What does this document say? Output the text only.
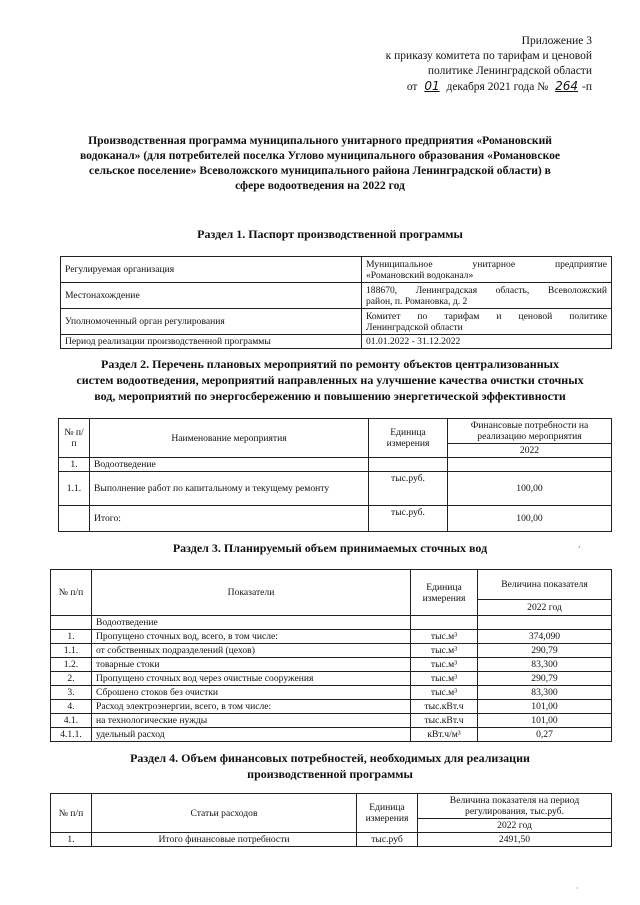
Приложение 3
к приказу комитета по тарифам и ценовой
политике Ленинградской области
от 01 декабря 2021 года № 264 -п
Производственная программа муниципального унитарного предприятия «Романовский
водоканал» (для потребителей поселка Углово муниципального образования «Романовское
сельское поселение» Всеволожского муниципального района Ленинградской области) в
сфере водоотведения на 2022 год
Раздел 1. Паспорт производственной программы
Регулируемая организация	Муниципальное унитарное предприятие
«Романовский водоканал»

Местонахождение	188670, Ленинградская область, Всеволожский
район, п. Романовка, д. 2

Уполномоченный орган регулирования	Комитет по тарифам и ценовой политике
Ленинградской области

Период реализации производственной программы	01.01.2022 - 31.12.2022
Раздел 2. Перечень плановых мероприятий по ремонту объектов централизованных
систем водоотведения, мероприятий направленных на улучшение качества очистки сточных
вод, мероприятий по энергосбережению и повышению энергетической эффективности
№ п/п	Наименование мероприятия	Единица измерения	Финансовые потребности на реализацию мероприятия
			2022
1.	Водоотведение		
1.1.	Выполнение работ по капитальному и текущему ремонту	тыс.руб.	100,00
	Итого:	тыс.руб.	100,00
Раздел 3. Планируемый объем принимаемых сточных вод	,
№ п/п	Показатели	Единица измерения	Величина показателя
			2022 год
	Водоотведение		
1.	Пропущено сточных вод, всего, в том числе:	тыс.м³	374,090
1.1.	от собственных подразделений (цехов)	тыс.м³	290,79
1.2.	товарные стоки	тыс.м³	83,300
2.	Пропущено сточных вод через очистные сооружения	тыс.м³	290,79
3.	Сброшено стоков без очистки	тыс.м³	83,300
4.	Расход электроэнергии, всего, в том числе:	тыс.кВт.ч	101,00
4.1.	на технологические нужды	тыс.кВт.ч	101,00
4.1.1.	удельный расход	кВт.ч/м³	0,27
Раздел 4. Объем финансовых потребностей, необходимых для реализации
производственной программы
№ п/п	Статьи расходов	Единица измерения	Величина показателя на период регулирования, тыс.руб.
			2022 год
1.	Итого финансовые потребности	тыс.руб	2491,50
·
